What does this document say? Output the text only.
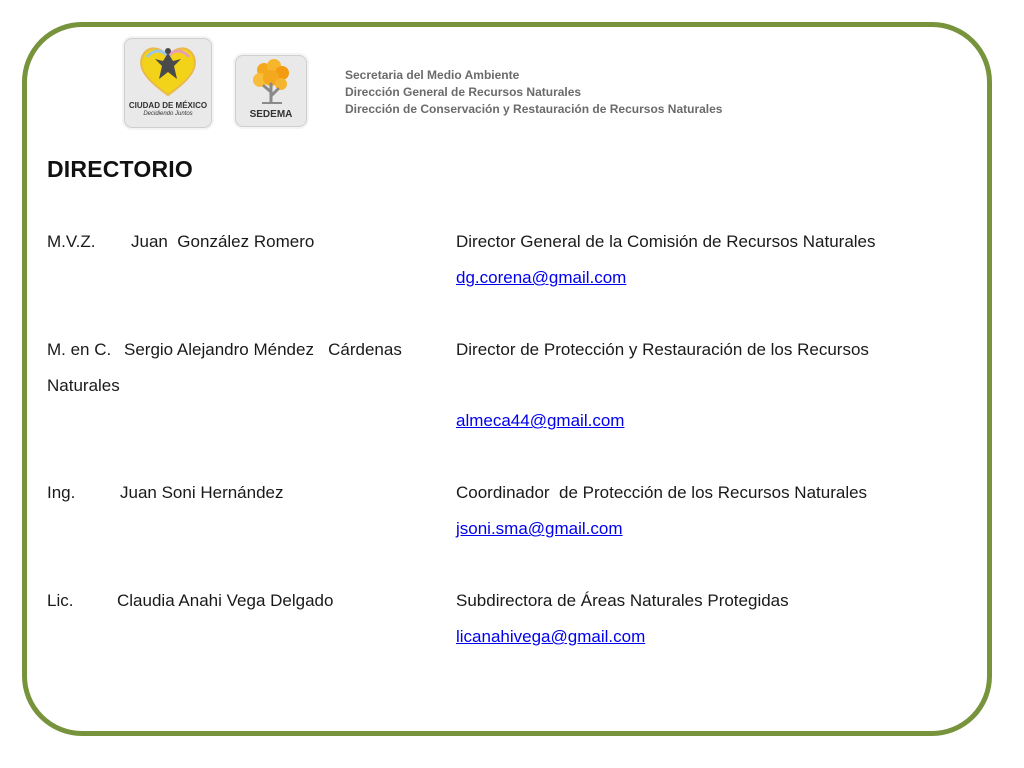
CIUDAD DE MÉXICO
Decidiendo Juntos	SEDEMA
Secretaria del Medio Ambiente
Dirección General de Recursos Naturales
Dirección de Conservación y Restauración de Recursos Naturales
DIRECTORIO
M.V.Z. Juan  González Romero	Director General de la Comisión de Recursos Naturales
dg.corena@gmail.com
M. en C. Sergio Alejandro Méndez   Cárdenas	Director de Protección y Restauración de los Recursos
Naturales
almeca44@gmail.com
Ing.	Juan Soni Hernández	Coordinador  de Protección de los Recursos Naturales
jsoni.sma@gmail.com
Lic.	Claudia Anahi Vega Delgado	Subdirectora de Áreas Naturales Protegidas
licanahivega@gmail.com
